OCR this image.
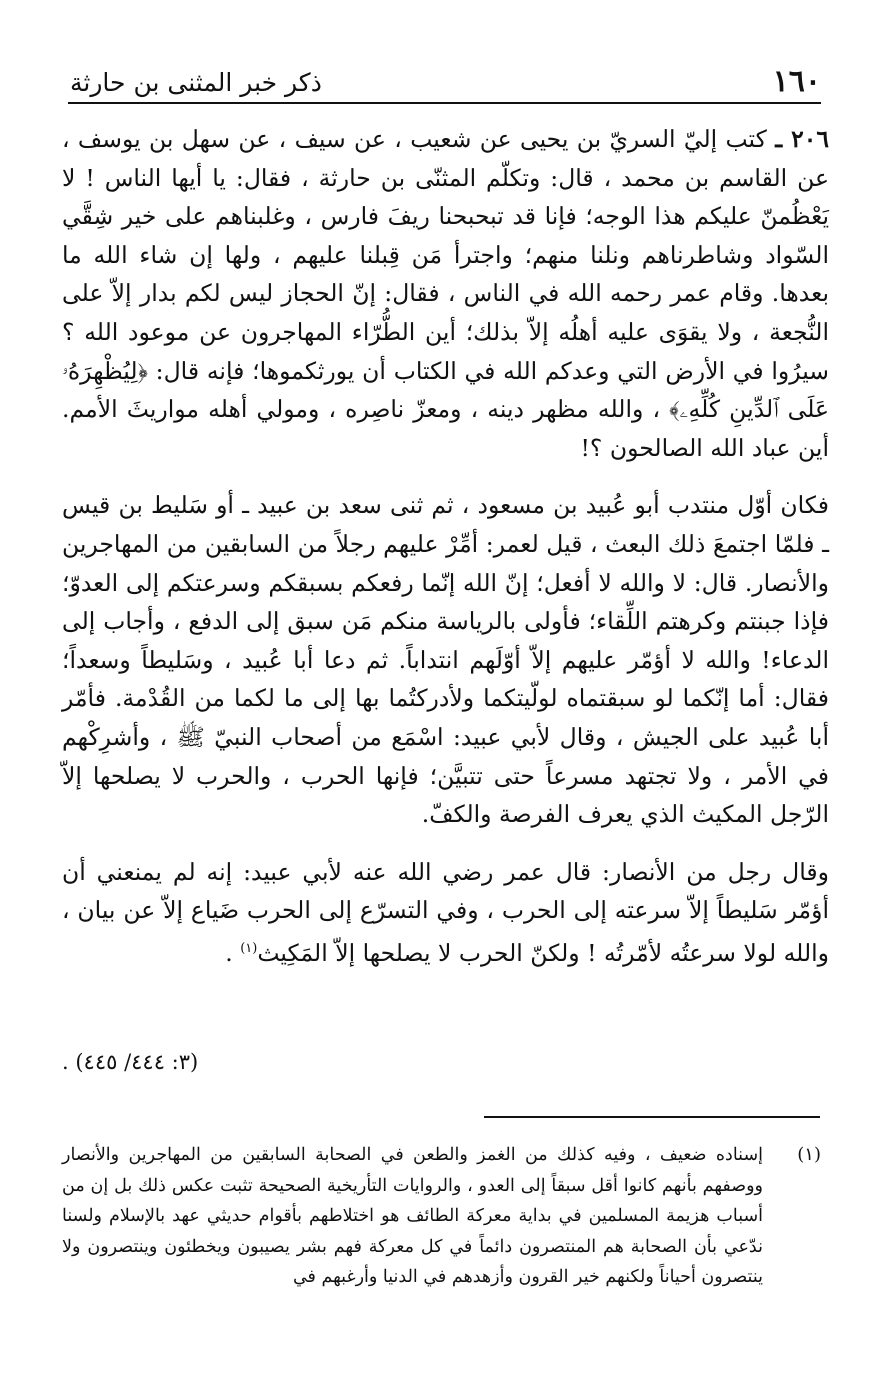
١٦٠
ذكر خبر المثنى بن حارثة

٢٠٦ ـ كتب إليّ السريّ بن يحيى عن شعيب ، عن سيف ، عن سهل بن يوسف ، عن القاسم بن محمد ، قال: وتكلّم المثنّى بن حارثة ، فقال: يا أيها الناس ! لا يَعْظُمنّ عليكم هذا الوجه؛ فإنا قد تبحبحنا ريفَ فارس ، وغلبناهم على خير شِقَّي السّواد وشاطرناهم ونلنا منهم؛ واجترأ مَن قِبلنا عليهم ، ولها إن شاء الله ما بعدها. وقام عمر رحمه الله في الناس ، فقال: إنّ الحجاز ليس لكم بدار إلاّ على النُّجعة ، ولا يقوَى عليه أهلُه إلاّ بذلك؛ أين الطُّرّاء المهاجرون عن موعود الله ؟ سيرُوا في الأرض التي وعدكم الله في الكتاب أن يورثكموها؛ فإنه قال: ﴿لِيُظْهِرَهُۥ عَلَى ٱلدِّينِ كُلِّهِۦ﴾ ، والله مظهر دينه ، ومعزّ ناصِره ، ومولي أهله مواريثَ الأمم. أين عباد الله الصالحون ؟!

فكان أوّل منتدب أبو عُبيد بن مسعود ، ثم ثنى سعد بن عبيد ـ أو سَليط بن قيس ـ فلمّا اجتمعَ ذلك البعث ، قيل لعمر: أمِّرْ عليهم رجلاً من السابقين من المهاجرين والأنصار. قال: لا والله لا أفعل؛ إنّ الله إنّما رفعكم بسبقكم وسرعتكم إلى العدوّ؛ فإذا جبنتم وكرهتم اللِّقاء؛ فأولى بالرياسة منكم مَن سبق إلى الدفع ، وأجاب إلى الدعاء! والله لا أؤمّر عليهم إلاّ أوّلَهم انتداباً. ثم دعا أبا عُبيد ، وسَليطاً وسعداً؛ فقال: أما إنّكما لو سبقتماه لولّيتكما ولأدركتُما بها إلى ما لكما من القُدْمة. فأمّر أبا عُبيد على الجيش ، وقال لأبي عبيد: اسْمَع من أصحاب النبيّ ﷺ ، وأشرِكْهم في الأمر ، ولا تجتهد مسرعاً حتى تتبيَّن؛ فإنها الحرب ، والحرب لا يصلحها إلاّ الرّجل المكيث الذي يعرف الفرصة والكفّ.

وقال رجل من الأنصار: قال عمر رضي الله عنه لأبي عبيد: إنه لم يمنعني أن أؤمّر سَليطاً إلاّ سرعته إلى الحرب ، وفي التسرّع إلى الحرب ضَياع إلاّ عن بيان ، والله لولا سرعتُه لأمّرتُه ! ولكنّ الحرب لا يصلحها إلاّ المَكِيث$^{(١)}$ .

(٣: ٤٤٤/ ٤٤٥) .
(١)
إسناده ضعيف ، وفيه كذلك من الغمز والطعن في الصحابة السابقين من المهاجرين والأنصار ووصفهم بأنهم كانوا أقل سبقاً إلى العدو ، والروايات التأريخية الصحيحة تثبت عكس ذلك بل إن من أسباب هزيمة المسلمين في بداية معركة الطائف هو اختلاطهم بأقوام حديثي عهد بالإسلام ولسنا ندّعي بأن الصحابة هم المنتصرون دائماً في كل معركة فهم بشر يصيبون ويخطئون وينتصرون ولا ينتصرون أحياناً ولكنهم خير القرون وأزهدهم في الدنيا وأرغبهم في
